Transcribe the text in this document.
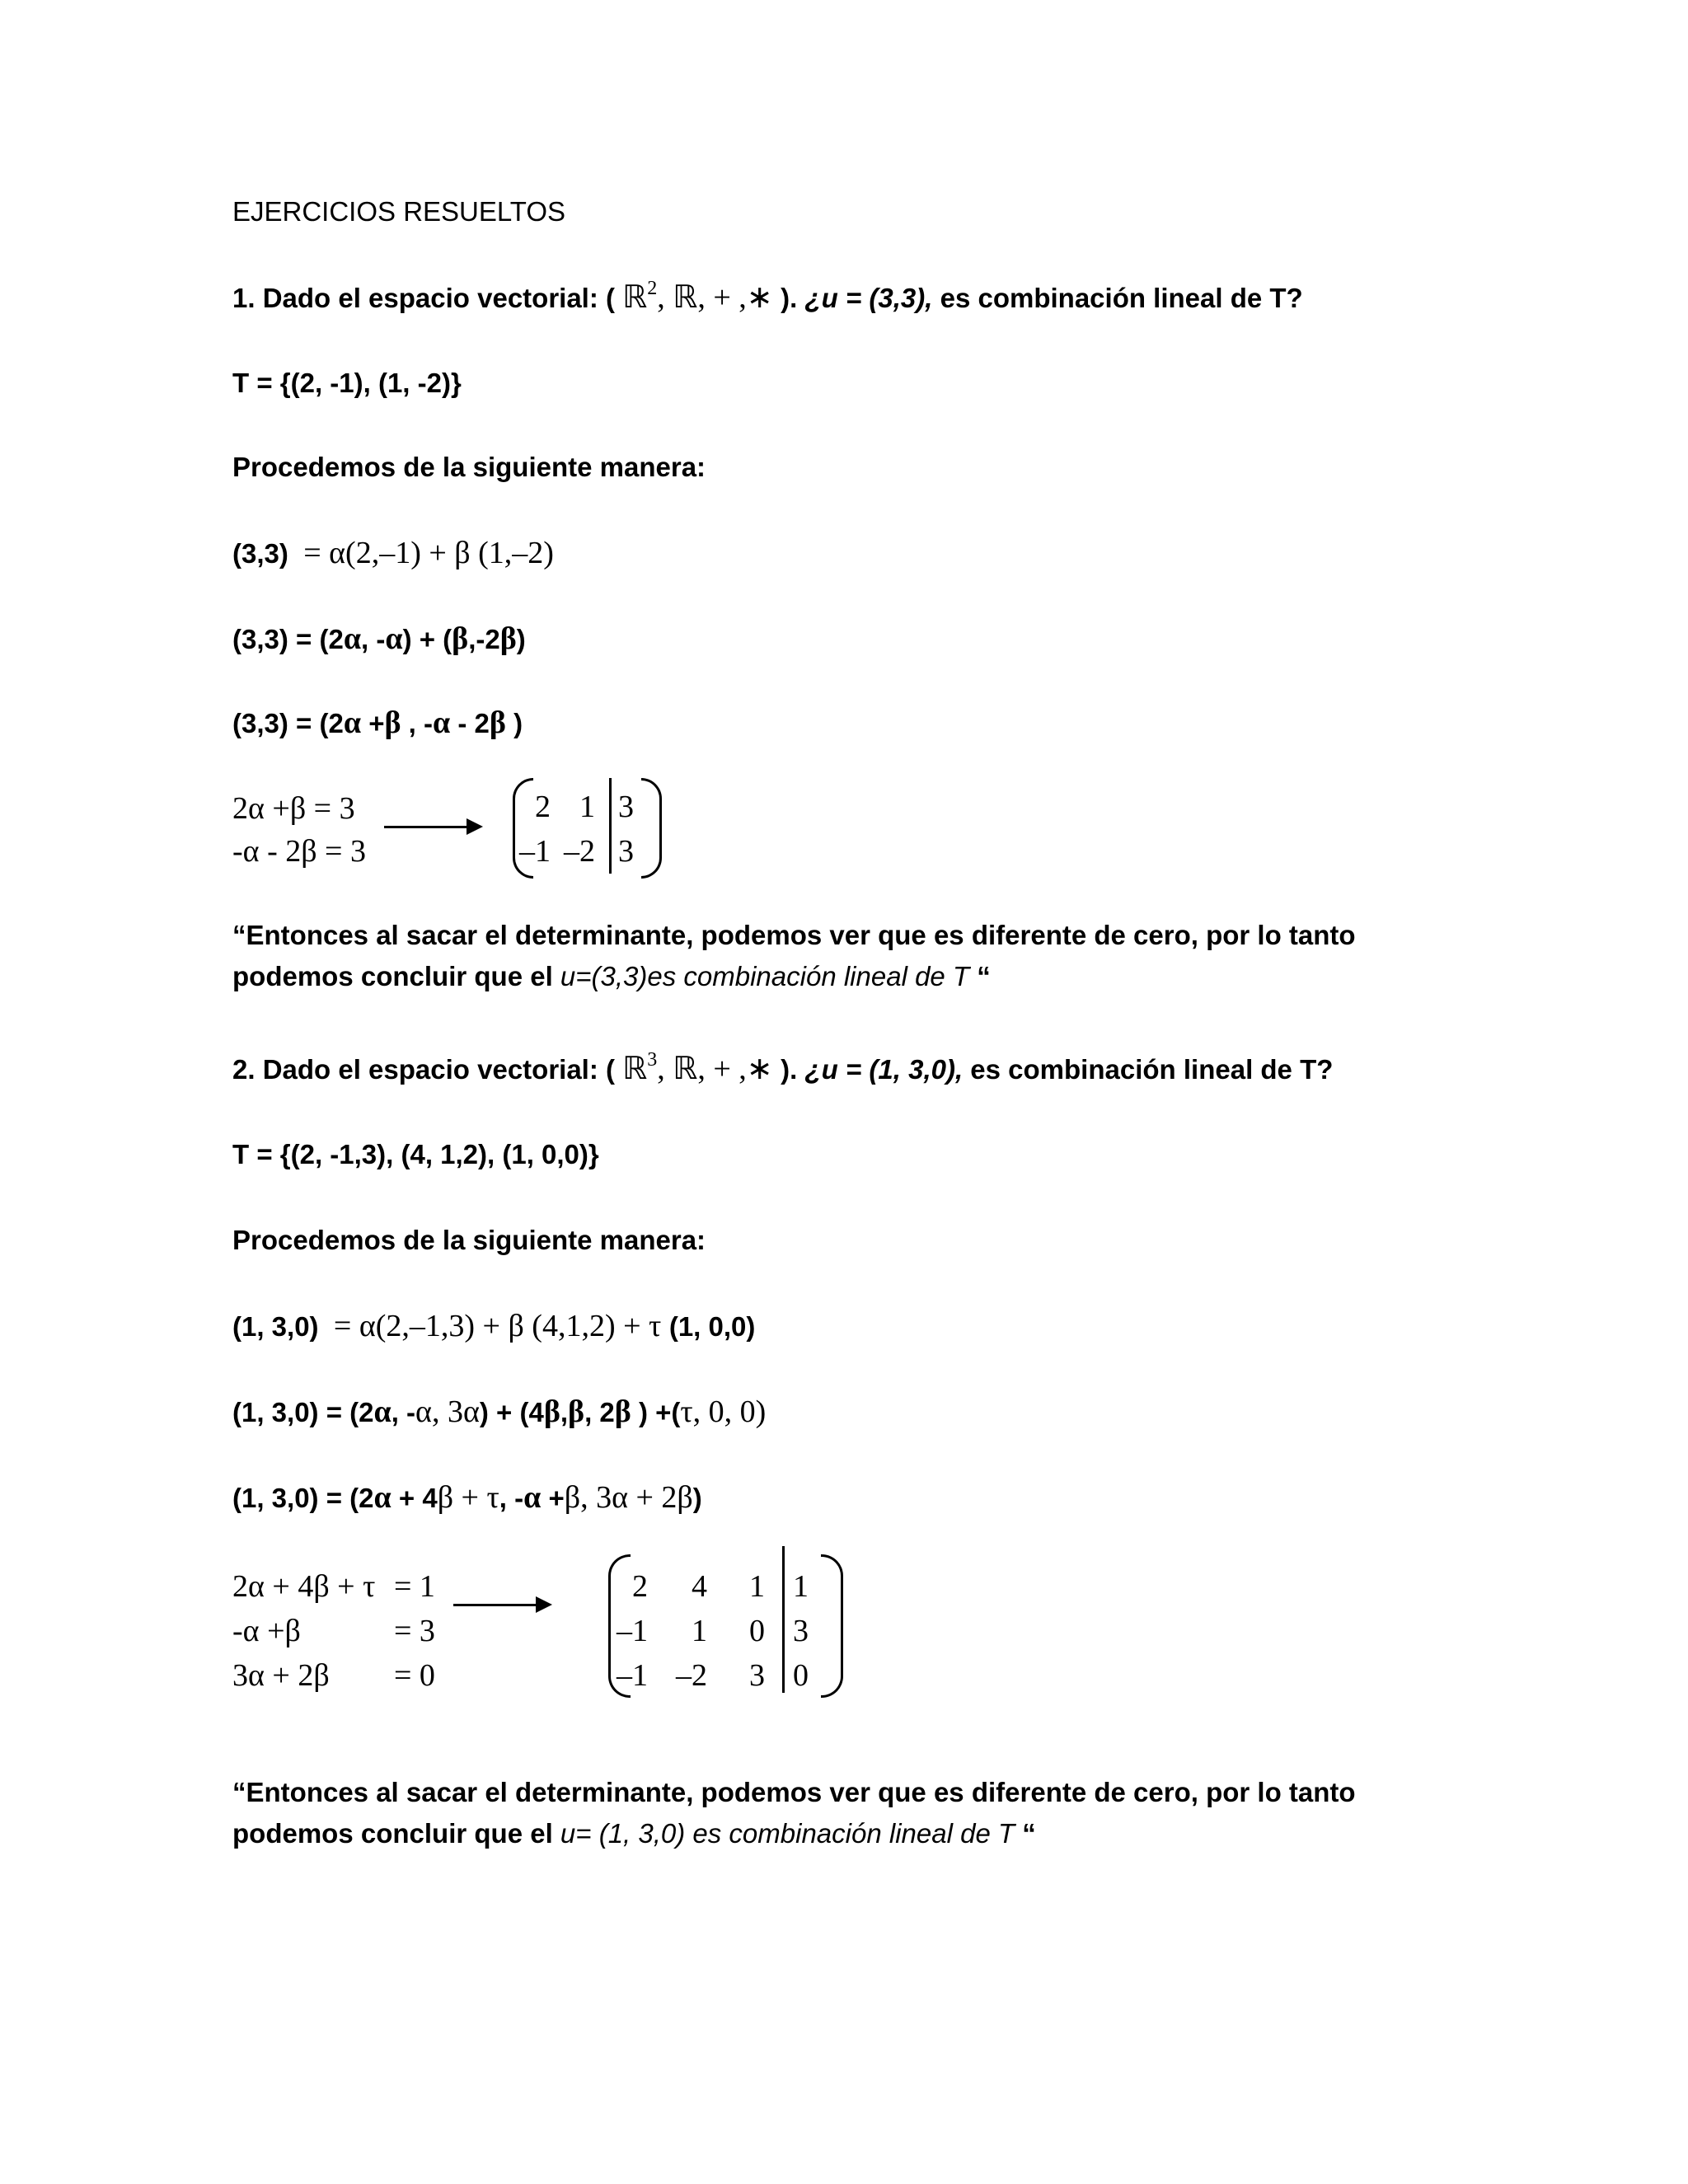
EJERCICIOS RESUELTOS
1. Dado el espacio vectorial: ( ℝ$^2$, ℝ, + ,∗ ). ¿u = (3,3), es combinación lineal de T?
T = {(2, -1), (1, -2)}
Procedemos de la siguiente manera:
(3,3) = α(2,–1) + β (1,–2)
(3,3) = (2α, -α) + (β,-2β)
(3,3) = (2α +β , -α - 2β )
2α +β = 3
-α - 2β = 3
2 1 3
–1 –2 3
“Entonces al sacar el determinante, podemos ver que es diferente de cero, por lo tanto
podemos concluir que el u=(3,3)es combinación lineal de T “
2. Dado el espacio vectorial: ( ℝ$^3$, ℝ, + ,∗ ). ¿u = (1, 3,0), es combinación lineal de T?
T = {(2, -1,3), (4, 1,2), (1, 0,0)}
Procedemos de la siguiente manera:
(1, 3,0) = α(2,–1,3) + β (4,1,2) + τ (1, 0,0)
(1, 3,0) = (2α, -α, 3α) + (4β,β, 2β ) +(τ, 0, 0)
(1, 3,0) = (2α + 4β + τ, -α +β, 3α + 2β)
2α + 4β + τ = 1
-α +β	= 3
3α + 2β = 0
2	4	1 1
–1	1	0 3
–1 –2	3 0
“Entonces al sacar el determinante, podemos ver que es diferente de cero, por lo tanto
podemos concluir que el u= (1, 3,0) es combinación lineal de T “
